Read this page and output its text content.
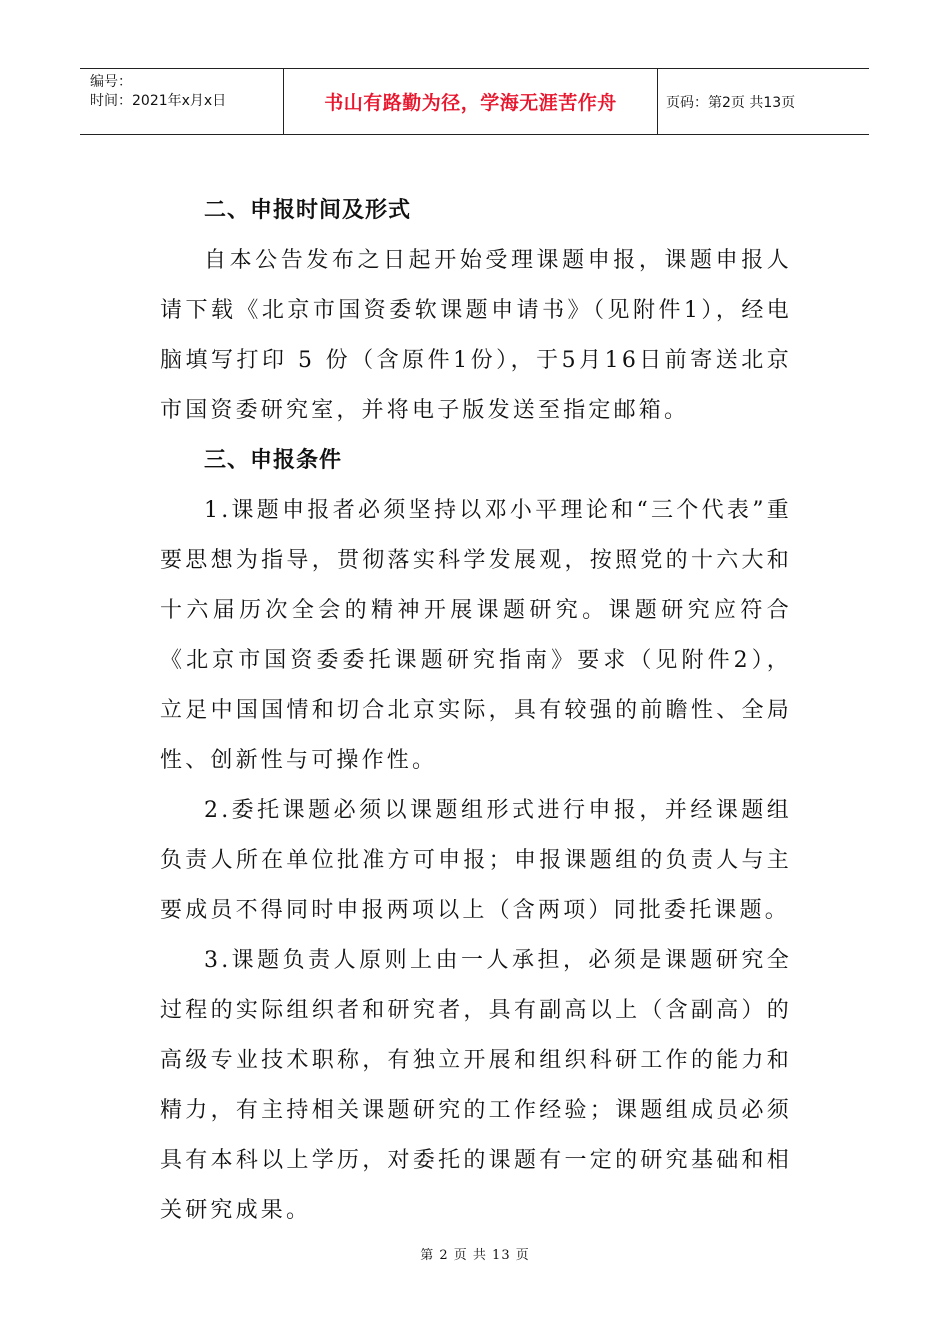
编号：
时间：2021年x月x日	书山有路勤为径，学海无涯苦作舟	页码：第2页 共13页
二、申报时间及形式

自本公告发布之日起开始受理课题申报，课题申报人请下载《北京市国资委软课题申请书》（见附件1），经电脑填写打印 5 份（含原件1份），于5月16日前寄送北京市国资委研究室，并将电子版发送至指定邮箱。

三、申报条件

1.课题申报者必须坚持以邓小平理论和“三个代表”重要思想为指导，贯彻落实科学发展观，按照党的十六大和十六届历次全会的精神开展课题研究。课题研究应符合《北京市国资委委托课题研究指南》要求（见附件2），立足中国国情和切合北京实际，具有较强的前瞻性、全局性、创新性与可操作性。

2.委托课题必须以课题组形式进行申报，并经课题组负责人所在单位批准方可申报；申报课题组的负责人与主要成员不得同时申报两项以上（含两项）同批委托课题。

3.课题负责人原则上由一人承担，必须是课题研究全过程的实际组织者和研究者，具有副高以上（含副高）的高级专业技术职称，有独立开展和组织科研工作的能力和精力，有主持相关课题研究的工作经验；课题组成员必须具有本科以上学历，对委托的课题有一定的研究基础和相关研究成果。

第 2 页 共 13 页
